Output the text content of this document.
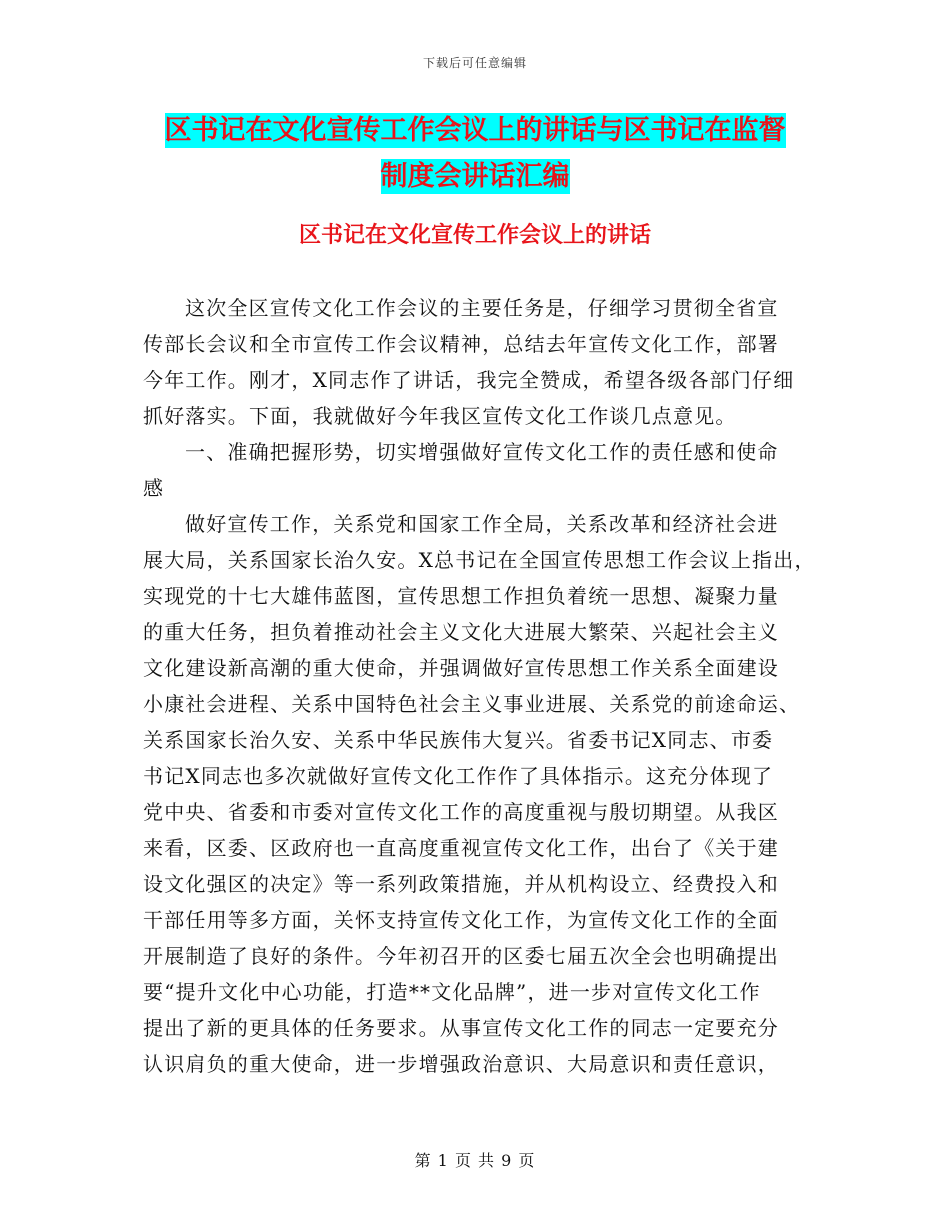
下载后可任意编辑
区书记在文化宣传工作会议上的讲话与区书记在监督
制度会讲话汇编
区书记在文化宣传工作会议上的讲话
这次全区宣传文化工作会议的主要任务是，仔细学习贯彻全省宣
传部长会议和全市宣传工作会议精神，总结去年宣传文化工作，部署
今年工作。刚才，X同志作了讲话，我完全赞成，希望各级各部门仔细
抓好落实。下面，我就做好今年我区宣传文化工作谈几点意见。
一、准确把握形势，切实增强做好宣传文化工作的责任感和使命
感
做好宣传工作，关系党和国家工作全局，关系改革和经济社会进
展大局，关系国家长治久安。X总书记在全国宣传思想工作会议上指出，
实现党的十七大雄伟蓝图，宣传思想工作担负着统一思想、凝聚力量
的重大任务，担负着推动社会主义文化大进展大繁荣、兴起社会主义
文化建设新高潮的重大使命，并强调做好宣传思想工作关系全面建设
小康社会进程、关系中国特色社会主义事业进展、关系党的前途命运、
关系国家长治久安、关系中华民族伟大复兴。省委书记X同志、市委
书记X同志也多次就做好宣传文化工作作了具体指示。这充分体现了
党中央、省委和市委对宣传文化工作的高度重视与殷切期望。从我区
来看，区委、区政府也一直高度重视宣传文化工作，出台了《关于建
设文化强区的决定》等一系列政策措施，并从机构设立、经费投入和
干部任用等多方面，关怀支持宣传文化工作，为宣传文化工作的全面
开展制造了良好的条件。今年初召开的区委七届五次全会也明确提出
要“提升文化中心功能，打造**文化品牌”，进一步对宣传文化工作
提出了新的更具体的任务要求。从事宣传文化工作的同志一定要充分
认识肩负的重大使命，进一步增强政治意识、大局意识和责任意识，
第 1 页 共 9 页
